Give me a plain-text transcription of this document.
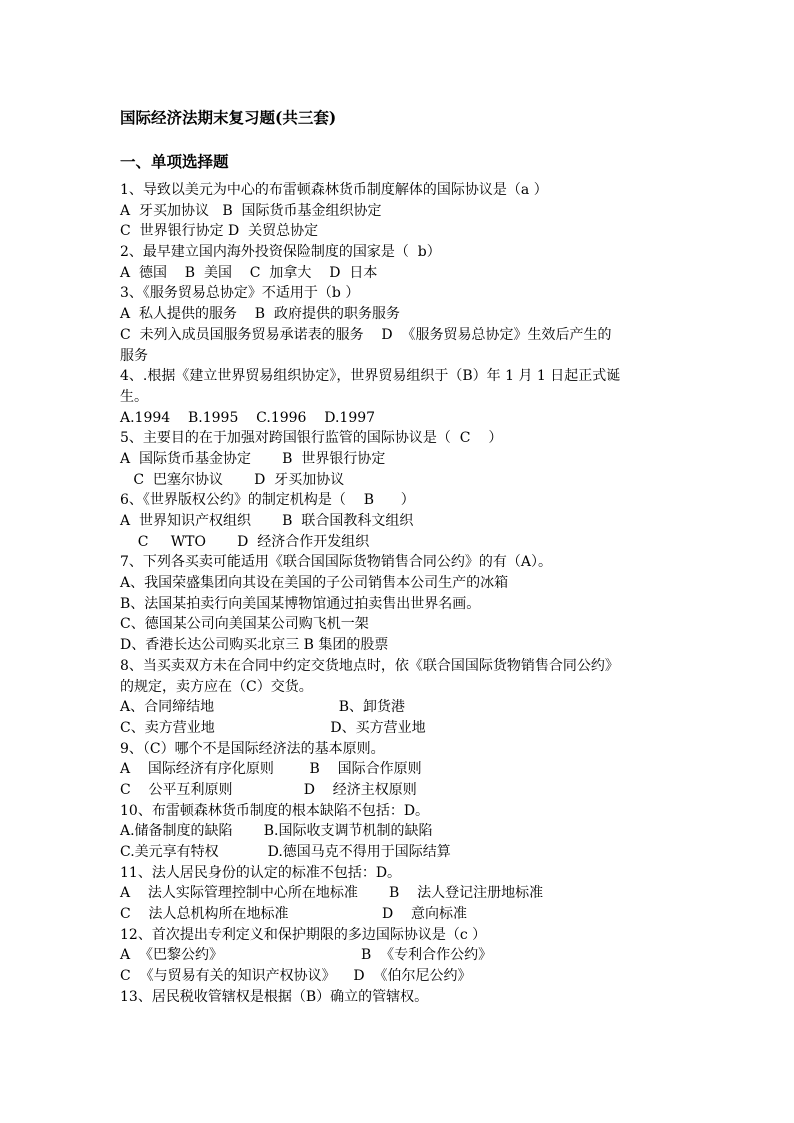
国际经济法期末复习题(共三套)
一、单项选择题
1、导致以美元为中心的布雷顿森林货币制度解体的国际协议是（a ）
A  牙买加协议   B  国际货币基金组织协定
C  世界银行协定 D  关贸总协定
2、最早建立国内海外投资保险制度的国家是（  b）
A  德国    B  美国    C  加拿大    D  日本
3、《服务贸易总协定》不适用于（b ）
A  私人提供的服务    B  政府提供的职务服务
C  未列入成员国服务贸易承诺表的服务    D  《服务贸易总协定》生效后产生的
服务
4、.根据《建立世界贸易组织协定》，世界贸易组织于（B）年 1 月 1 日起正式诞
生。
A.1994    B.1995    C.1996    D.1997
5、主要目的在于加强对跨国银行监管的国际协议是（  C    ）
A  国际货币基金协定       B  世界银行协定
C  巴塞尔协议       D  牙买加协议
6、《世界版权公约》的制定机构是（    B      ）
A  世界知识产权组织       B  联合国教科文组织
C     WTO       D  经济合作开发组织
7、下列各买卖可能适用《联合国国际货物销售合同公约》的有（A）。
A、我国荣盛集团向其设在美国的子公司销售本公司生产的冰箱
B、法国某拍卖行向美国某博物馆通过拍卖售出世界名画。
C、德国某公司向美国某公司购飞机一架
D、香港长达公司购买北京三 B 集团的股票
8、当买卖双方未在合同中约定交货地点时，依《联合国国际货物销售合同公约》
的规定，卖方应在（C）交货。
A、合同缔结地                            B、卸货港
C、卖方营业地                          D、买方营业地
9、（C）哪个不是国际经济法的基本原则。
A    国际经济有序化原则        B    国际合作原则
C    公平互利原则                D    经济主权原则
10、布雷顿森林货币制度的根本缺陷不包括：D。
A.储备制度的缺陷       B.国际收支调节机制的缺陷
C.美元享有特权           D.德国马克不得用于国际结算
11、法人居民身份的认定的标准不包括：D。
A    法人实际管理控制中心所在地标准       B    法人登记注册地标准
C    法人总机构所在地标准                     D    意向标准
12、首次提出专利定义和保护期限的多边国际协议是（c ）
A  《巴黎公约》                               B  《专利合作公约》
C  《与贸易有关的知识产权协议》    D  《伯尔尼公约》
13、居民税收管辖权是根据（B）确立的管辖权。
